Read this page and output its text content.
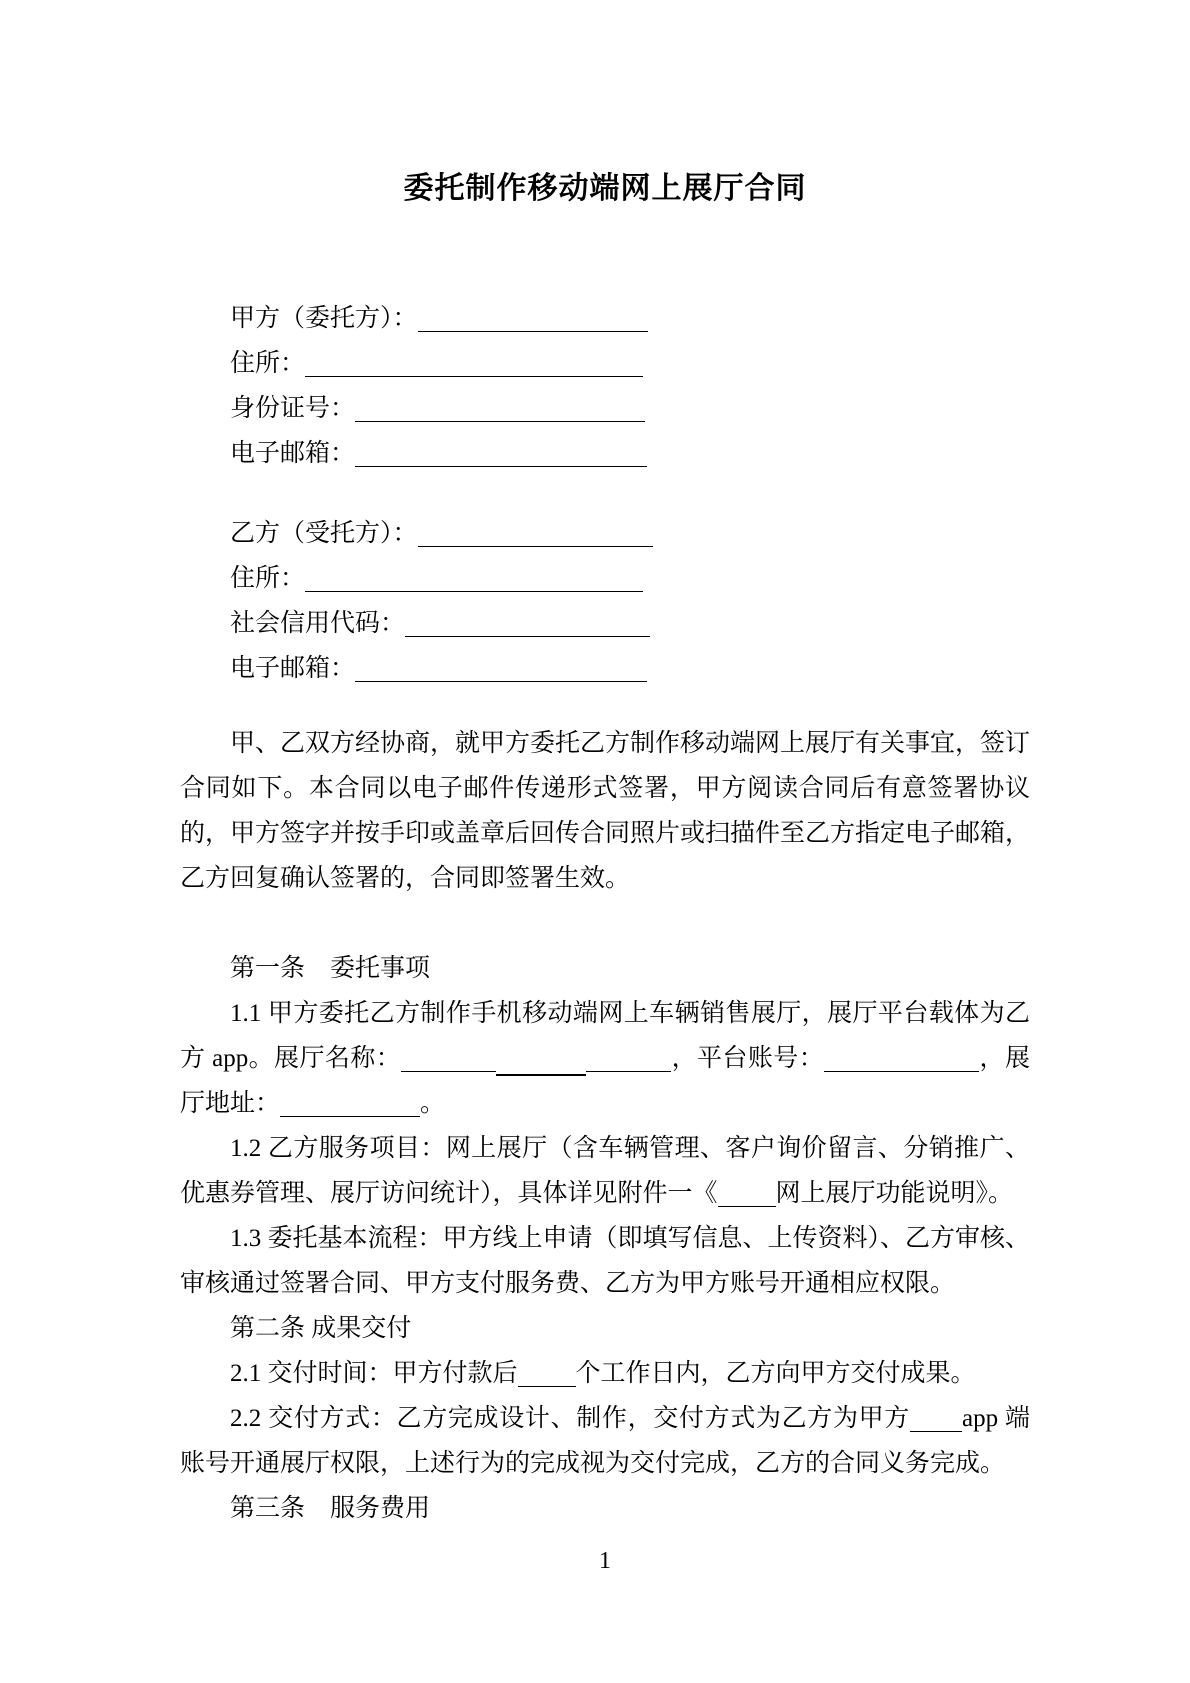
委托制作移动端网上展厅合同
甲方（委托方）：
住所：
身份证号：
电子邮箱：
乙方（受托方）：
住所：
社会信用代码：
电子邮箱：

甲、乙双方经协商，就甲方委托乙方制作移动端网上展厅有关事宜，签订合同如下。本合同以电子邮件传递形式签署，甲方阅读合同后有意签署协议的，甲方签字并按手印或盖章后回传合同照片或扫描件至乙方指定电子邮箱，乙方回复确认签署的，合同即签署生效。

第一条　委托事项

1.1 甲方委托乙方制作手机移动端网上车辆销售展厅，展厅平台载体为乙方 app。展厅名称：	，平台账号：	，展厅地址：	。

1.2 乙方服务项目：网上展厅（含车辆管理、客户询价留言、分销推广、优惠券管理、展厅访问统计），具体详见附件一《 网上展厅功能说明》。

1.3 委托基本流程：甲方线上申请（即填写信息、上传资料）、乙方审核、审核通过签署合同、甲方支付服务费、乙方为甲方账号开通相应权限。

第二条 成果交付

2.1 交付时间：甲方付款后 个工作日内，乙方向甲方交付成果。

2.2 交付方式：乙方完成设计、制作，交付方式为乙方为甲方 app 端账号开通展厅权限，上述行为的完成视为交付完成，乙方的合同义务完成。

第三条　服务费用

1
